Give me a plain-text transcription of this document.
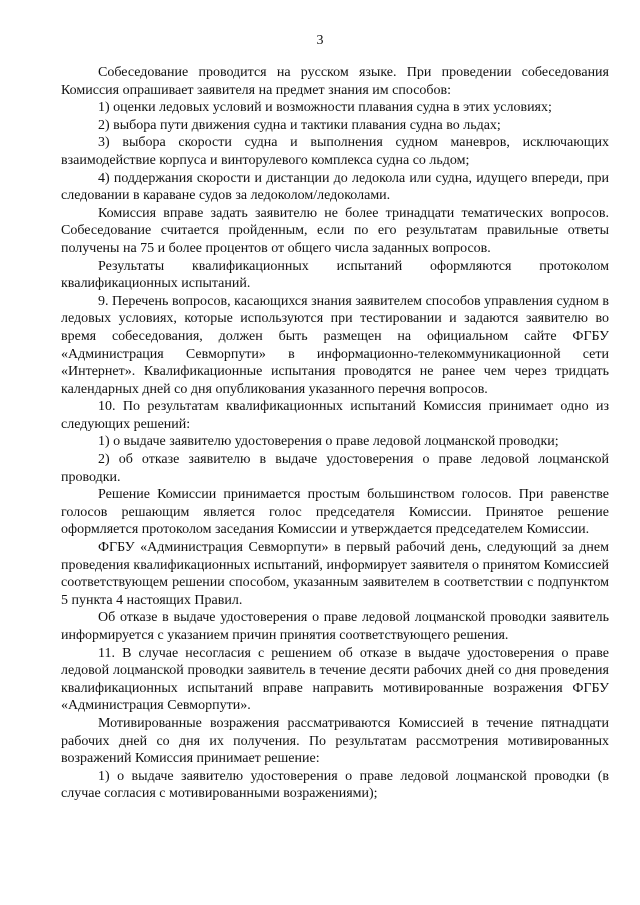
3

Собеседование проводится на русском языке. При проведении собеседования Комиссия опрашивает заявителя на предмет знания им способов:

1) оценки ледовых условий и возможности плавания судна в этих условиях;

2) выбора пути движения судна и тактики плавания судна во льдах;

3) выбора скорости судна и выполнения судном маневров, исключающих взаимодействие корпуса и винторулевого комплекса судна со льдом;

4) поддержания скорости и дистанции до ледокола или судна, идущего впереди, при следовании в караване судов за ледоколом/ледоколами.

Комиссия вправе задать заявителю не более тринадцати тематических вопросов. Собеседование считается пройденным, если по его результатам правильные ответы получены на 75 и более процентов от общего числа заданных вопросов.

Результаты квалификационных испытаний оформляются протоколом квалификационных испытаний.

9. Перечень вопросов, касающихся знания заявителем способов управления судном в ледовых условиях, которые используются при тестировании и задаются заявителю во время собеседования, должен быть размещен на официальном сайте ФГБУ «Администрация Севморпути» в информационно-телекоммуникационной сети «Интернет». Квалификационные испытания проводятся не ранее чем через тридцать календарных дней со дня опубликования указанного перечня вопросов.

10. По результатам квалификационных испытаний Комиссия принимает одно из следующих решений:

1) о выдаче заявителю удостоверения о праве ледовой лоцманской проводки;

2) об отказе заявителю в выдаче удостоверения о праве ледовой лоцманской проводки.

Решение Комиссии принимается простым большинством голосов. При равенстве голосов решающим является голос председателя Комиссии. Принятое решение оформляется протоколом заседания Комиссии и утверждается председателем Комиссии.

ФГБУ «Администрация Севморпути» в первый рабочий день, следующий за днем проведения квалификационных испытаний, информирует заявителя о принятом Комиссией соответствующем решении способом, указанным заявителем в соответствии с подпунктом 5 пункта 4 настоящих Правил.

Об отказе в выдаче удостоверения о праве ледовой лоцманской проводки заявитель информируется с указанием причин принятия соответствующего решения.

11. В случае несогласия с решением об отказе в выдаче удостоверения о праве ледовой лоцманской проводки заявитель в течение десяти рабочих дней со дня проведения квалификационных испытаний вправе направить мотивированные возражения ФГБУ «Администрация Севморпути».

Мотивированные возражения рассматриваются Комиссией в течение пятнадцати рабочих дней со дня их получения. По результатам рассмотрения мотивированных возражений Комиссия принимает решение:

1) о выдаче заявителю удостоверения о праве ледовой лоцманской проводки (в случае согласия с мотивированными возражениями);
